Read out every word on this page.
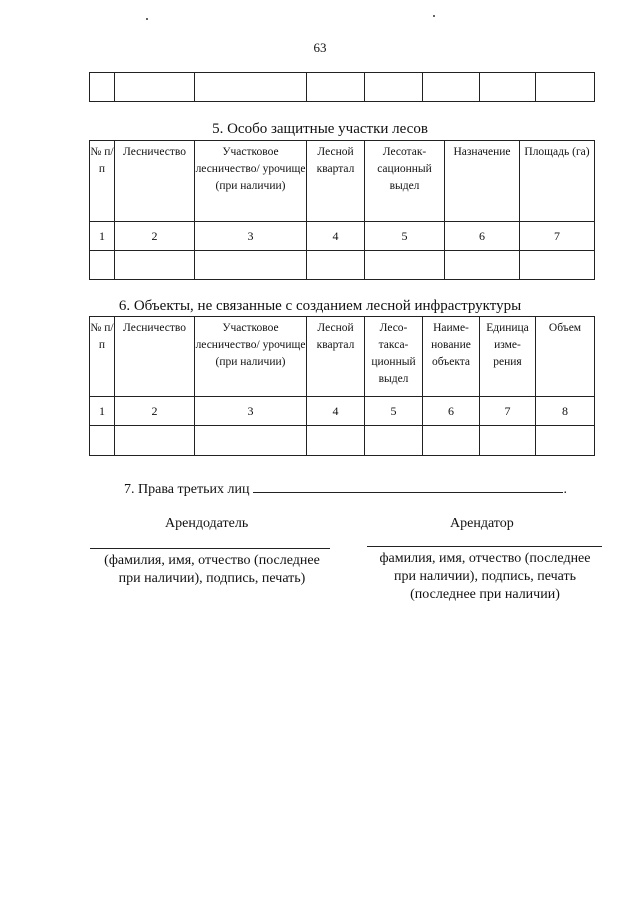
63

5. Особо защитные участки лесов
№ п/п	Лесничество	Участковое лесничество/ урочище (при наличии)	Лесной квартал	Лесотак-сационный выдел	Назначение	Площадь (га)
1	2	3	4	5	6	7

6. Объекты, не связанные с созданием лесной инфраструктуры
№ п/п	Лесничество	Участковое лесничество/ урочище (при наличии)	Лесной квартал	Лесо-такса-ционный выдел	Наиме-нование объекта	Единица изме-рения	Объем
1	2	3	4	5	6	7	8

7. Права третьих лиц	.
Арендодатель	Арендатор
(фамилия, имя, отчество (последнее при наличии), подпись, печать)
фамилия, имя, отчество (последнее при наличии), подпись, печать (последнее при наличии)
